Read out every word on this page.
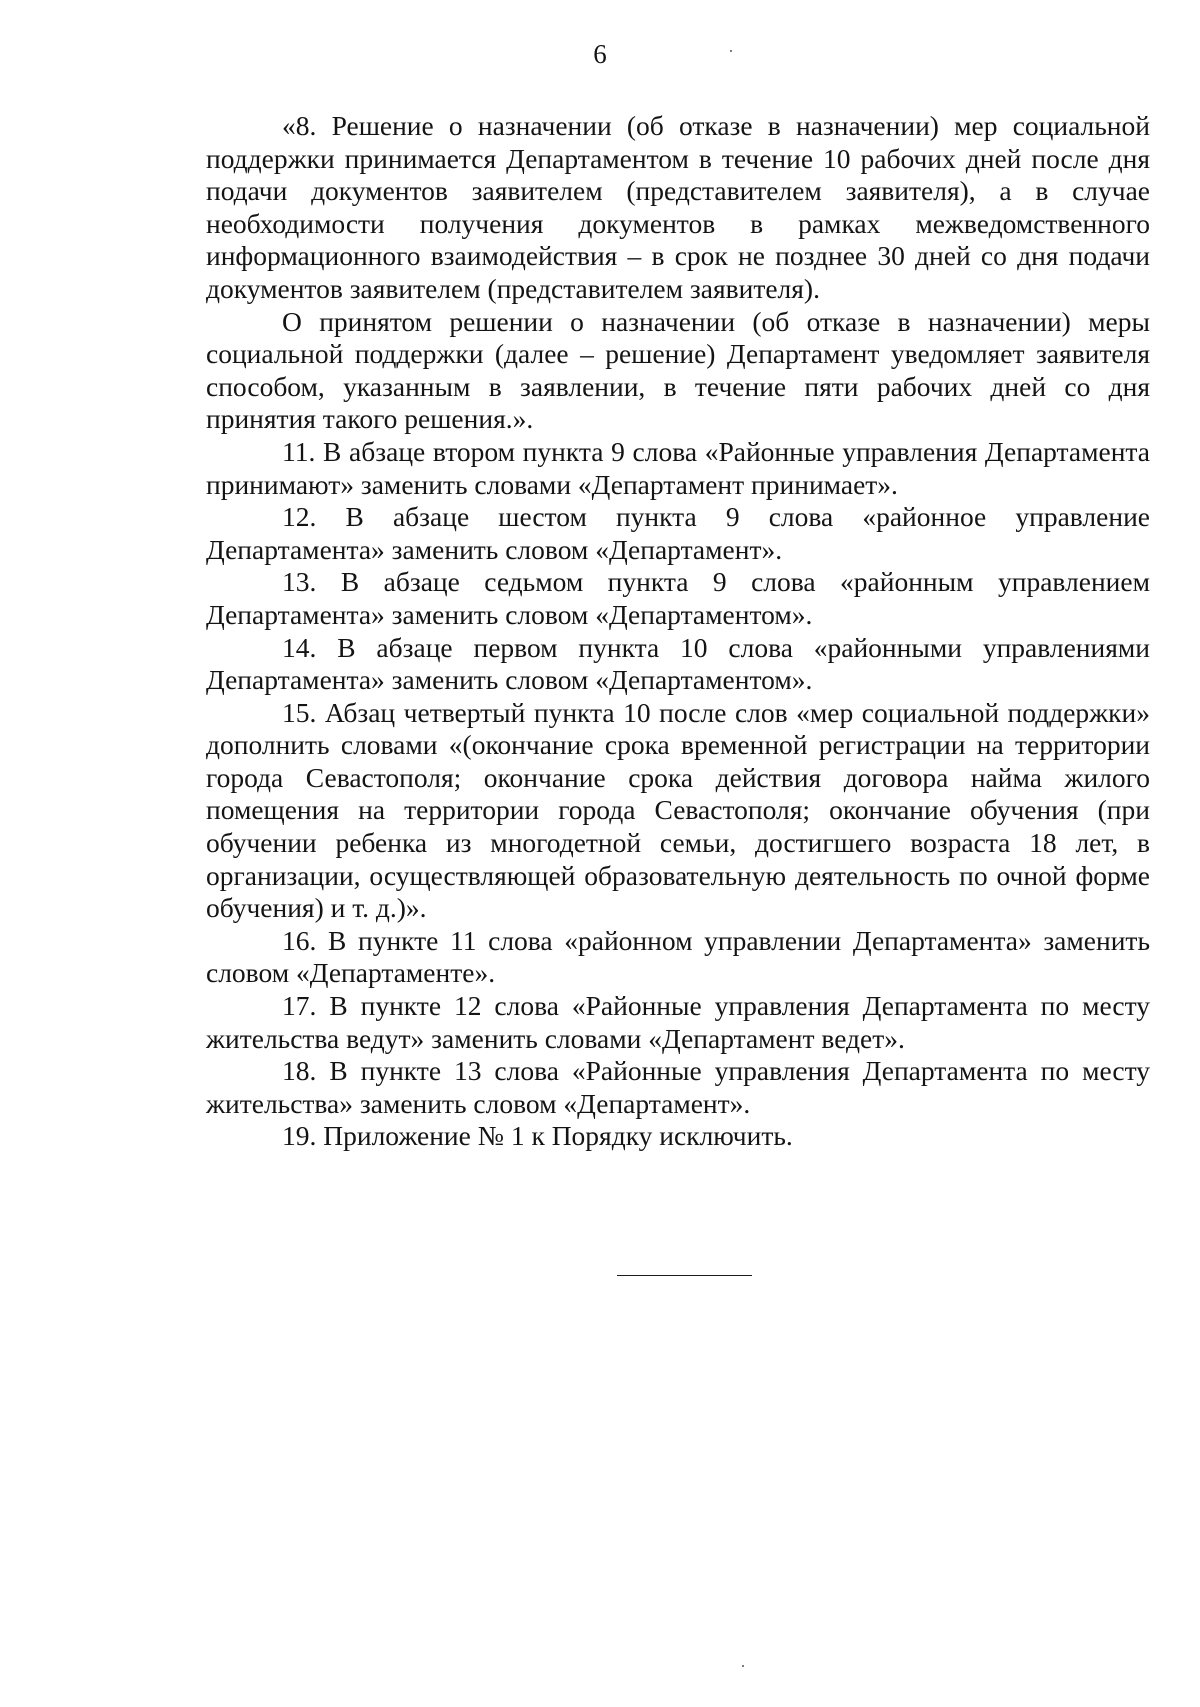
6

«8. Решение о назначении (об отказе в назначении) мер социальной поддержки принимается Департаментом в течение 10 рабочих дней после дня подачи документов заявителем (представителем заявителя), а в случае необходимости получения документов в рамках межведомственного информационного взаимодействия – в срок не позднее 30 дней со дня подачи документов заявителем (представителем заявителя).

О принятом решении о назначении (об отказе в назначении) меры социальной поддержки (далее – решение) Департамент уведомляет заявителя способом, указанным в заявлении, в течение пяти рабочих дней со дня принятия такого решения.».

11. В абзаце втором пункта 9 слова «Районные управления Департамента принимают» заменить словами «Департамент принимает».

12. В абзаце шестом пункта 9 слова «районное управление Департамента» заменить словом «Департамент».

13. В абзаце седьмом пункта 9 слова «районным управлением Департамента» заменить словом «Департаментом».

14. В абзаце первом пункта 10 слова «районными управлениями Департамента» заменить словом «Департаментом».

15. Абзац четвертый пункта 10 после слов «мер социальной поддержки» дополнить словами «(окончание срока временной регистрации на территории города Севастополя; окончание срока действия договора найма жилого помещения на территории города Севастополя; окончание обучения (при обучении ребенка из многодетной семьи, достигшего возраста 18 лет, в организации, осуществляющей образовательную деятельность по очной форме обучения) и т. д.)».

16. В пункте 11 слова «районном управлении Департамента» заменить словом «Департаменте».

17. В пункте 12 слова «Районные управления Департамента по месту жительства ведут» заменить словами «Департамент ведет».

18. В пункте 13 слова «Районные управления Департамента по месту жительства» заменить словом «Департамент».

19. Приложение № 1 к Порядку исключить.
